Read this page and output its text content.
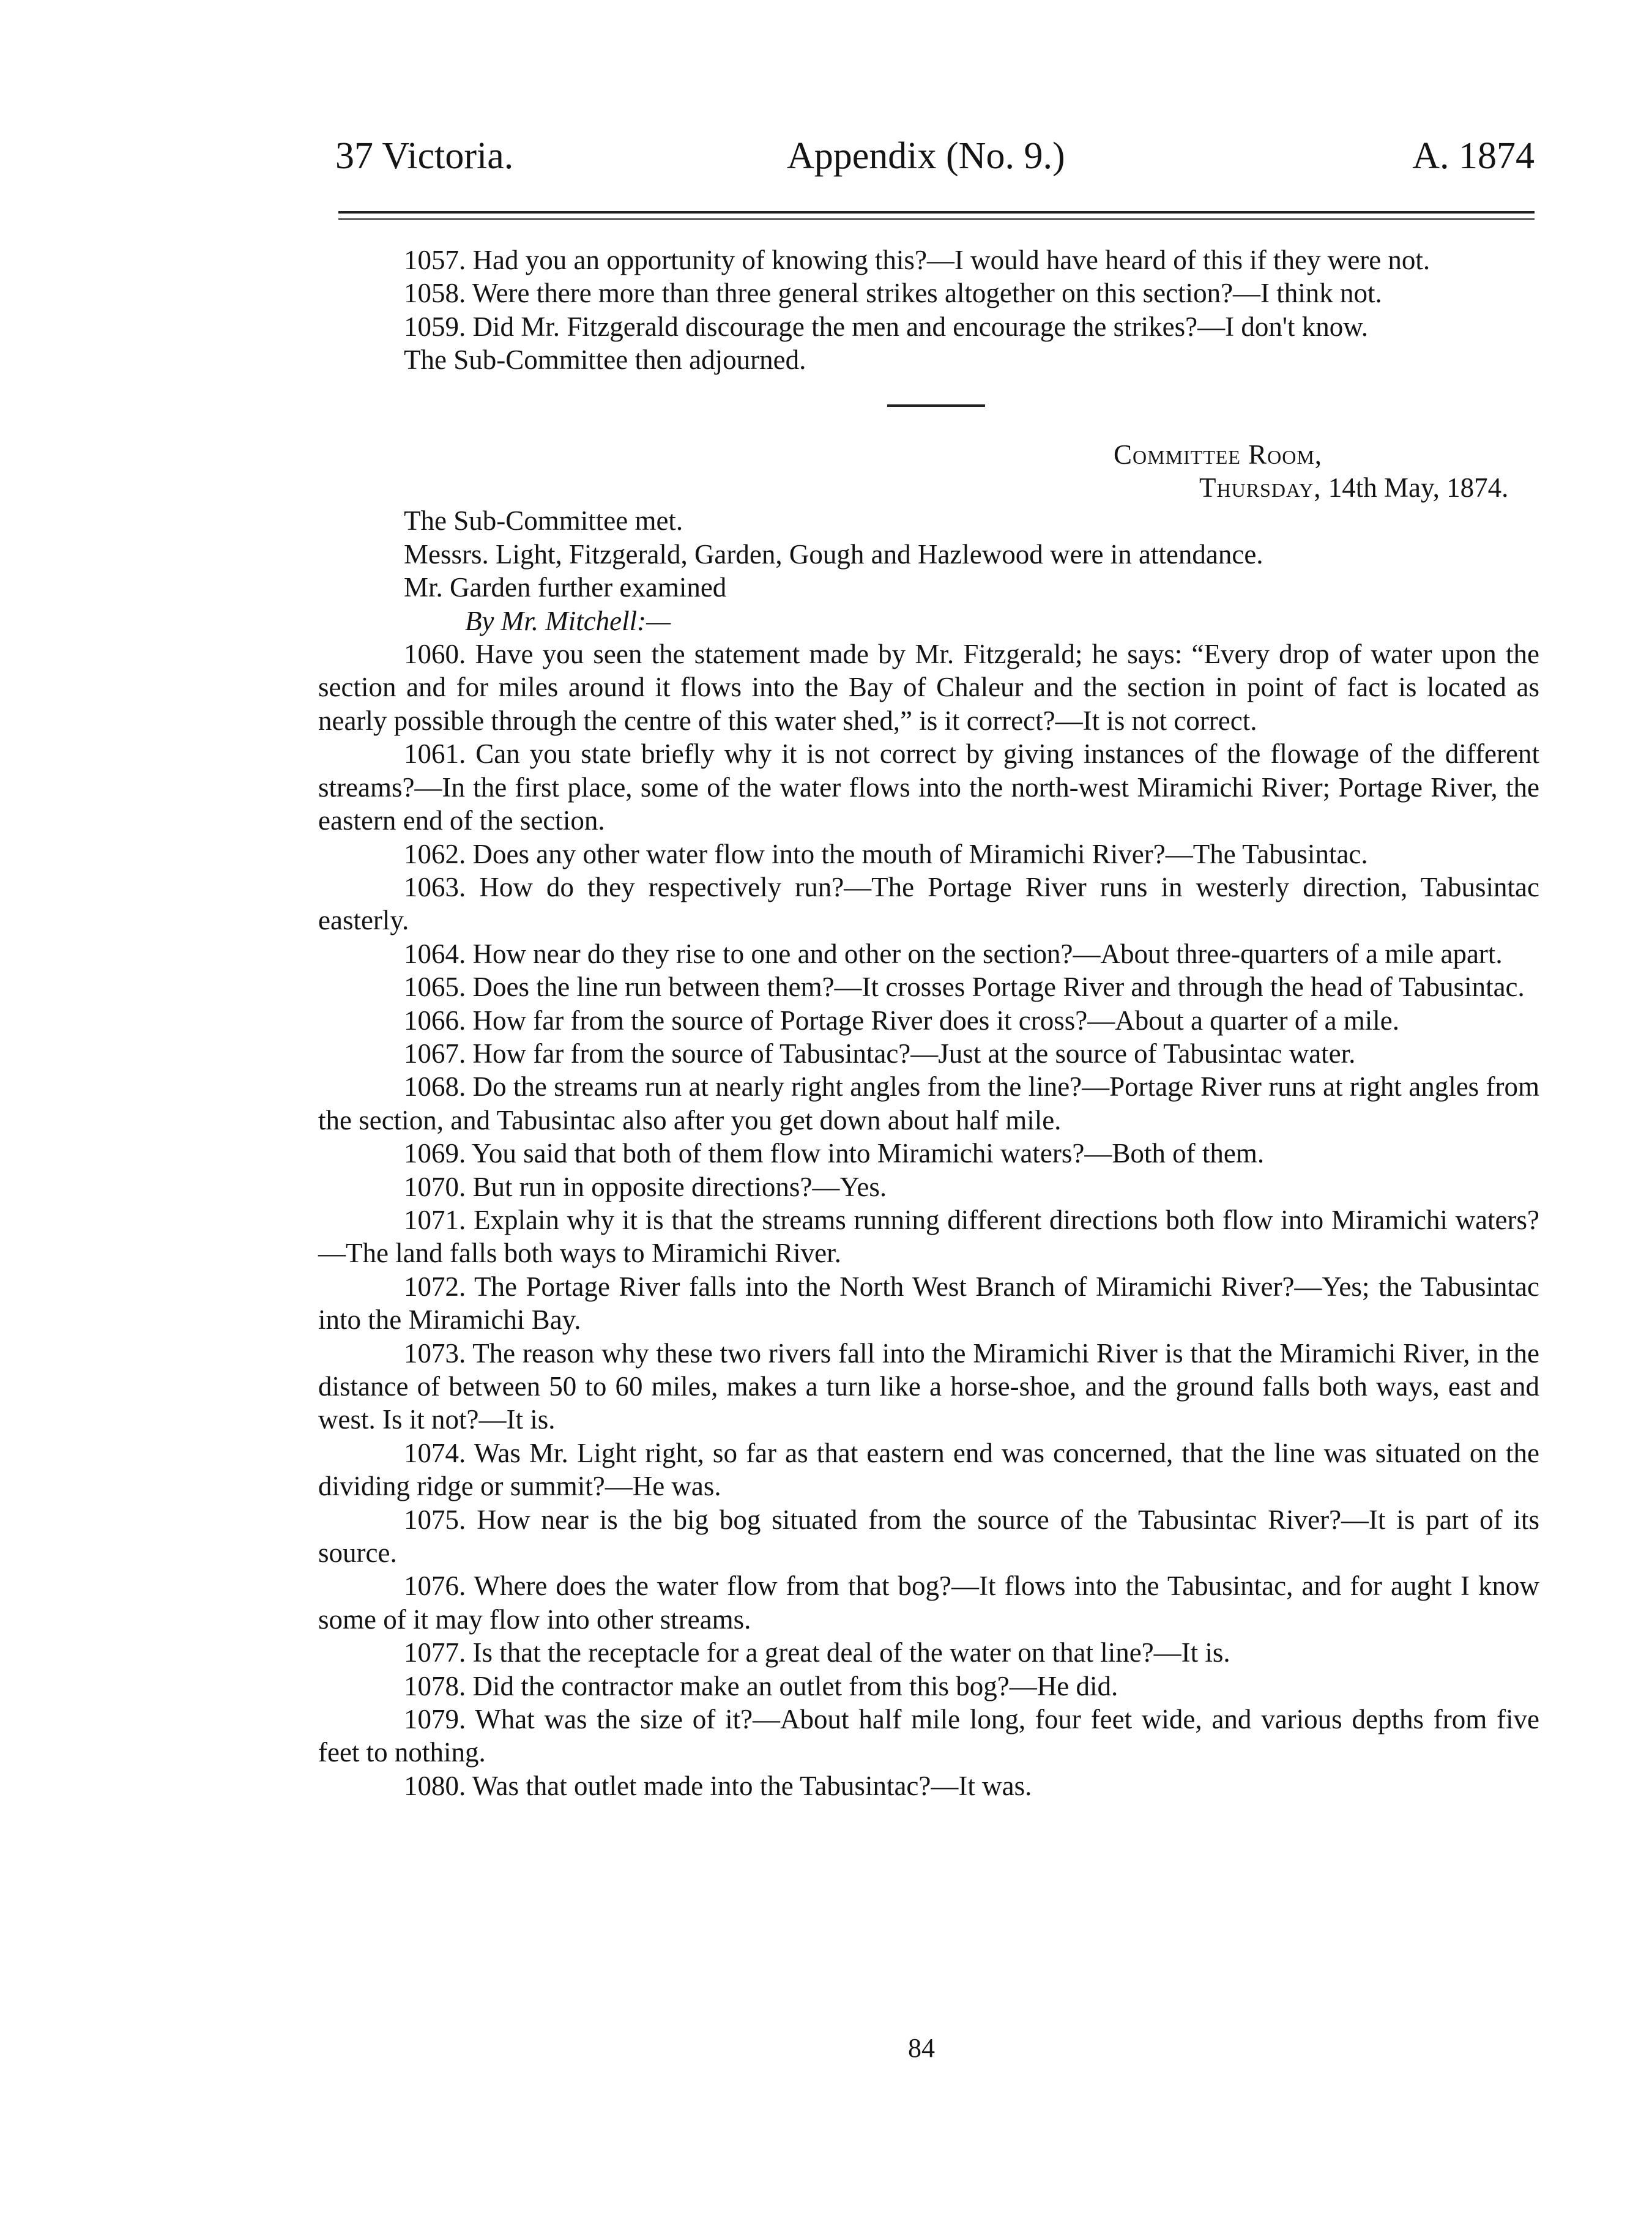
37 Victoria.	Appendix (No. 9.)	A. 1874

1057. Had you an opportunity of knowing this?—I would have heard of this if they were not.

1058. Were there more than three general strikes altogether on this section?—I think not.

1059. Did Mr. Fitzgerald discourage the men and encourage the strikes?—I don't know.

The Sub-Committee then adjourned.

Committee Room,

Thursday, 14th May, 1874.

The Sub-Committee met.

Messrs. Light, Fitzgerald, Garden, Gough and Hazlewood were in attendance.

Mr. Garden further examined

By Mr. Mitchell:—

1060. Have you seen the statement made by Mr. Fitzgerald; he says: “Every drop of water upon the section and for miles around it flows into the Bay of Chaleur and the section in point of fact is located as nearly possible through the centre of this water shed,” is it correct?—It is not correct.

1061. Can you state briefly why it is not correct by giving instances of the flowage of the different streams?—In the first place, some of the water flows into the north-west Miramichi River; Portage River, the eastern end of the section.

1062. Does any other water flow into the mouth of Miramichi River?—The Tabusintac.

1063. How do they respectively run?—The Portage River runs in westerly direction, Tabusintac easterly.

1064. How near do they rise to one and other on the section?—About three-quarters of a mile apart.

1065. Does the line run between them?—It crosses Portage River and through the head of Tabusintac.

1066. How far from the source of Portage River does it cross?—About a quarter of a mile.

1067. How far from the source of Tabusintac?—Just at the source of Tabusintac water.

1068. Do the streams run at nearly right angles from the line?—Portage River runs at right angles from the section, and Tabusintac also after you get down about half mile.

1069. You said that both of them flow into Miramichi waters?—Both of them.

1070. But run in opposite directions?—Yes.

1071. Explain why it is that the streams running different directions both flow into Miramichi waters?—The land falls both ways to Miramichi River.

1072. The Portage River falls into the North West Branch of Miramichi River?—Yes; the Tabusintac into the Miramichi Bay.

1073. The reason why these two rivers fall into the Miramichi River is that the Miramichi River, in the distance of between 50 to 60 miles, makes a turn like a horse-shoe, and the ground falls both ways, east and west. Is it not?—It is.

1074. Was Mr. Light right, so far as that eastern end was concerned, that the line was situated on the dividing ridge or summit?—He was.

1075. How near is the big bog situated from the source of the Tabusintac River?—It is part of its source.

1076. Where does the water flow from that bog?—It flows into the Tabusintac, and for aught I know some of it may flow into other streams.

1077. Is that the receptacle for a great deal of the water on that line?—It is.

1078. Did the contractor make an outlet from this bog?—He did.

1079. What was the size of it?—About half mile long, four feet wide, and various depths from five feet to nothing.

1080. Was that outlet made into the Tabusintac?—It was.

84
